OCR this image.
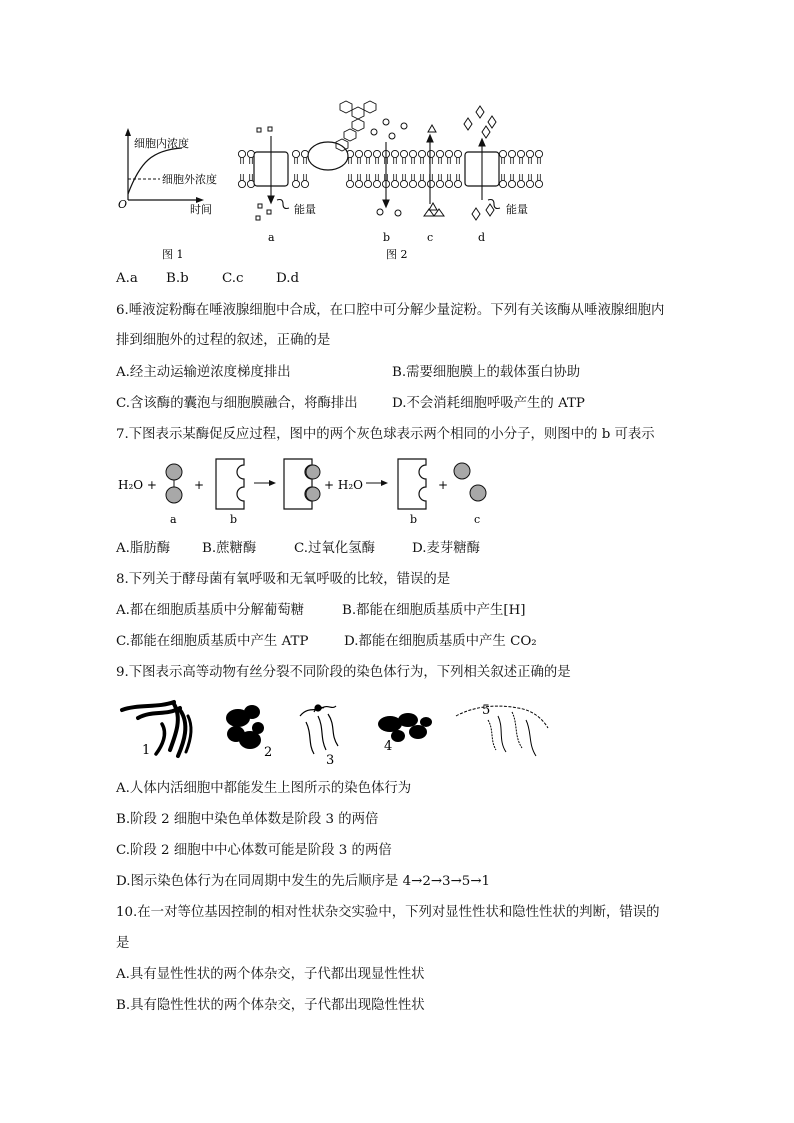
细胞内浓度
细胞外浓度
O	时间
图 1
能量	能量
a	b	c	d
图 2
A.a B.b C.c D.d
6.唾液淀粉酶在唾液腺细胞中合成，在口腔中可分解少量淀粉。下列有关该酶从唾液腺细胞内
排到细胞外的过程的叙述，正确的是
A.经主动运输逆浓度梯度排出	B.需要细胞膜上的载体蛋白协助
C.含该酶的囊泡与细胞膜融合，将酶排出	D.不会消耗细胞呼吸产生的 ATP
7.下图表示某酶促反应过程，图中的两个灰色球表示两个相同的小分子，则图中的 b 可表示
H₂O +	+	+ H₂O	+
a	b	b	c
A.脂肪酶 B.蔗糖酶	C.过氧化氢酶	D.麦芽糖酶
8.下列关于酵母菌有氧呼吸和无氧呼吸的比较，错误的是
A.都在细胞质基质中分解葡萄糖	B.都能在细胞质基质中产生[H]
C.都能在细胞质基质中产生 ATP	D.都能在细胞质基质中产生 CO₂
9.下图表示高等动物有丝分裂不同阶段的染色体行为，下列相关叙述正确的是
1	2
3
4
5
A.人体内活细胞中都能发生上图所示的染色体行为
B.阶段 2 细胞中染色单体数是阶段 3 的两倍
C.阶段 2 细胞中中心体数可能是阶段 3 的两倍
D.图示染色体行为在同周期中发生的先后顺序是 4→2→3→5→1
10.在一对等位基因控制的相对性状杂交实验中，下列对显性性状和隐性性状的判断，错误的
是
A.具有显性性状的两个体杂交，子代都出现显性性状
B.具有隐性性状的两个体杂交，子代都出现隐性性状
